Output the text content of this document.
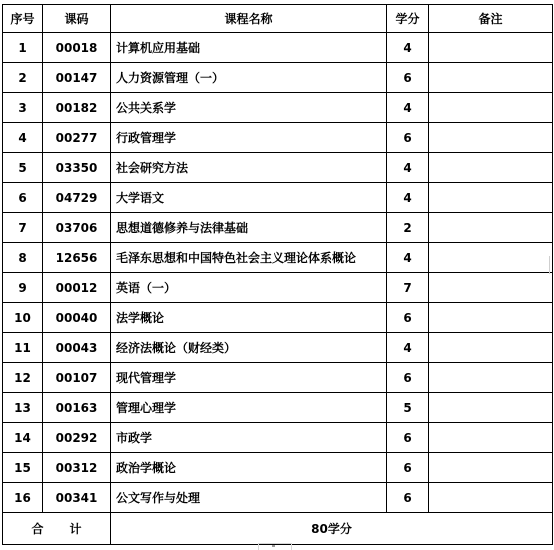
序号	课码	课程名称	学分	备注
1	00018	计算机应用基础	4	
2	00147	人力资源管理（一）	6	
3	00182	公共关系学	4	
4	00277	行政管理学	6	
5	03350	社会研究方法	4	
6	04729	大学语文	4	
7	03706	思想道德修养与法律基础	2	
8	12656	毛泽东思想和中国特色社会主义理论体系概论	4	
9	00012	英语（一）	7	
10	00040	法学概论	6	
11	00043	经济法概论（财经类）	4	
12	00107	现代管理学	6	
13	00163	管理心理学	5	
14	00292	市政学	6	
15	00312	政治学概论	6	
16	00341	公文写作与处理	6	
合 计		80学分		
